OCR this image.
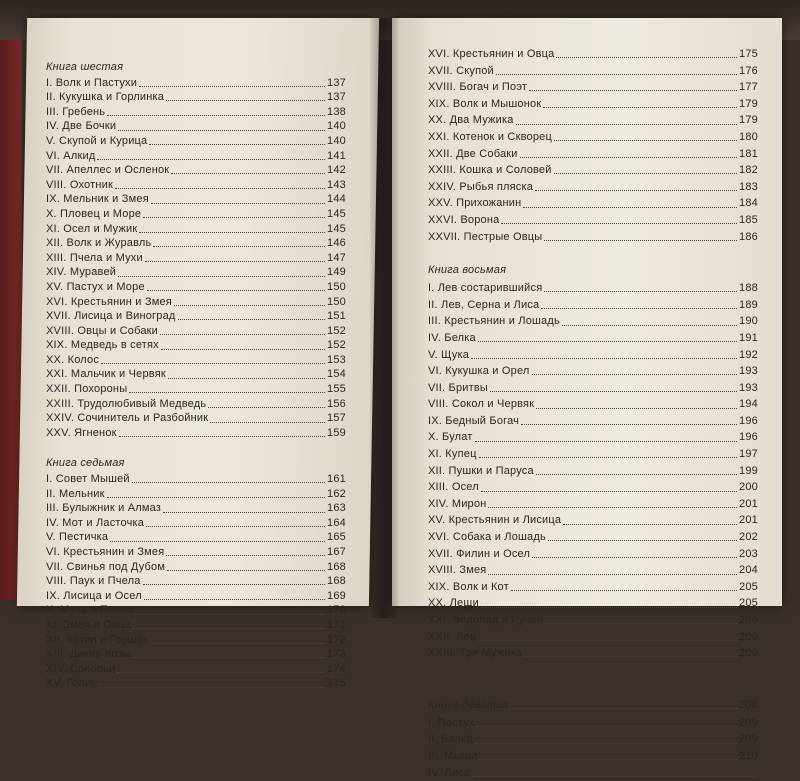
Книга шестая
I. Волк и Пастухи	137
II. Кукушка и Горлинка	137
III. Гребень	138
IV. Две Бочки	140
V. Скупой и Курица	140
VI. Алкид	141
VII. Апеллес и Осленок	142
VIII. Охотник	143
IX. Мельник и Змея	144
X. Пловец и Море	145
XI. Осел и Мужик	145
XII. Волк и Журавль	146
XIII. Пчела и Мухи	147
XIV. Муравей	149
XV. Пастух и Море	150
XVI. Крестьянин и Змея	150
XVII. Лисица и Виноград	151
XVIII. Овцы и Собаки	152
XIX. Медведь в сетях	152
XX. Колос	153
XXI. Мальчик и Червяк	154
XXII. Похороны	155
XXIII. Трудолюбивый Медведь	156
XXIV. Сочинитель и Разбойник	157
XXV. Ягненок	159
Книга седьмая
I. Совет Мышей	161
II. Мельник	162
III. Булыжник и Алмаз	163
IV. Мот и Ласточка	164
V. Пестичка	165
VI. Крестьянин и Змея	167
VII. Свинья под Дубом	168
VIII. Паук и Пчела	168
IX. Лисица и Осел	169
X. Муха и Пчела	170
XI. Змея и Овца	171
XII. Котел и Горшок	172
XIII. Дикие Козы	173
XIV. Соловьи	174
XV. Голик	175
XVI. Крестьянин и Овца	175
XVII. Скупой	176
XVIII. Богач и Поэт	177
XIX. Волк и Мышонок	179
XX. Два Мужика	179
XXI. Котенок и Скворец	180
XXII. Две Собаки	181
XXIII. Кошка и Соловей	182
XXIV. Рыбья пляска	183
XXV. Прихожанин	184
XXVI. Ворона	185
XXVII. Пестрые Овцы	186
Книга восьмая
I. Лев состарившийся	188
II. Лев, Серна и Лиса	189
III. Крестьянин и Лошадь	190
IV. Белка	191
V. Щука	192
VI. Кукушка и Орел	193
VII. Бритвы	193
VIII. Сокол и Червяк	194
IX. Бедный Богач	196
X. Булат	196
XI. Купец	197
XII. Пушки и Паруса	199
XIII. Осел	200
XIV. Мирон	201
XV. Крестьянин и Лисица	201
XVI. Собака и Лошадь	202
XVII. Филин и Осел	203
XVIII. Змея	204
XIX. Волк и Кот	205
XX. Лещи	205
XXI. Водопад и Ручей	206
XXII. Лев	206
XXIII. Три Мужика	206
Книга девятая	208
I. Пастух	209
II. Белка	209
III. Мыши	210
IV. Лиса
